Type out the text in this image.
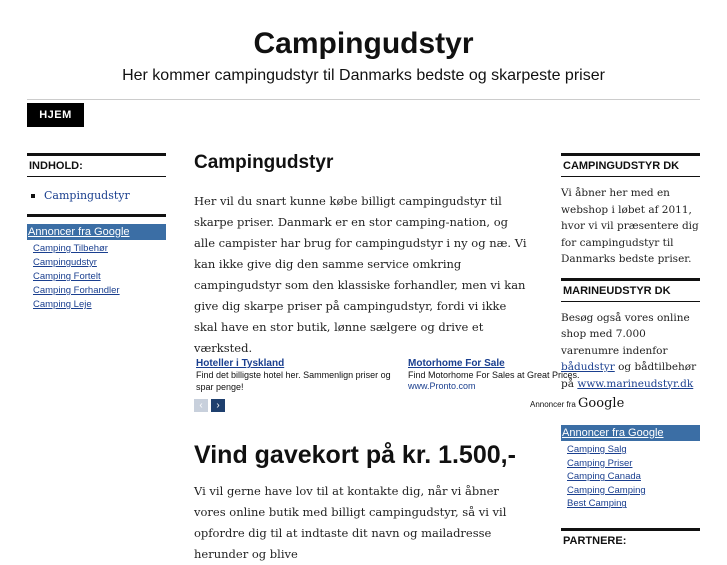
Campingudstyr
Her kommer campingudstyr til Danmarks bedste og skarpeste priser
HJEM
INDHOLD:
Campingudstyr
Annoncer fra Google
Camping Tilbehør
Campingudstyr
Camping Fortelt
Camping Forhandler
Camping Leje
Campingudstyr
Her vil du snart kunne købe billigt campingudstyr til skarpe priser. Danmark er en stor camping-nation, og alle campister har brug for campingudstyr i ny og næ. Vi kan ikke give dig den samme service omkring campingudstyr som den klassiske forhandler, men vi kan give dig skarpe priser på campingudstyr, fordi vi ikke skal have en stor butik, lønne sælgere og drive et værksted.
Hoteller i Tyskland
Find det billigste hotel her. Sammenlign priser og spar penge!
Motorhome For Sale
Find Motorhome For Sales at Great Prices.
www.Pronto.com
‹	›
Vind gavekort på kr. 1.500,-
Vi vil gerne have lov til at kontakte dig, når vi åbner vores online butik med billigt campingudstyr, så vi vil opfordre dig til at indtaste dit navn og mailadresse herunder og blive
CAMPINGUDSTYR DK
Vi åbner her med en webshop i løbet af 2011, hvor vi vil præsentere dig for campingudstyr til Danmarks bedste priser.
MARINEUDSTYR DK
Besøg også vores online shop med 7.000 varenumre indenfor bådudstyr og bådtilbehør på www.marineudstyr.dk
Annoncer fra Google
Annoncer fra Google
Camping Salg
Camping Priser
Camping Canada
Camping Camping
Best Camping
PARTNERE:
